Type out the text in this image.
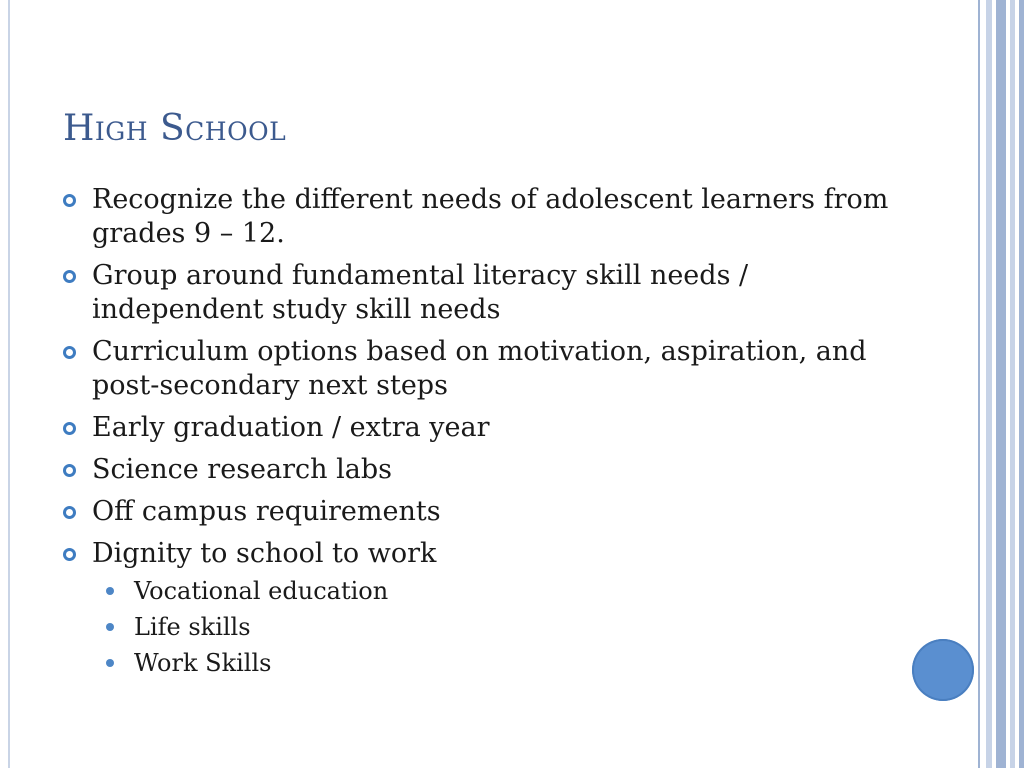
High School
Recognize the different needs of adolescent learners from grades 9 – 12.
Group around fundamental literacy skill needs / independent study skill needs
Curriculum options based on motivation, aspiration, and post-secondary next steps
Early graduation / extra year
Science research labs
Off campus requirements
Dignity to school to work
Vocational education
Life skills
Work Skills
